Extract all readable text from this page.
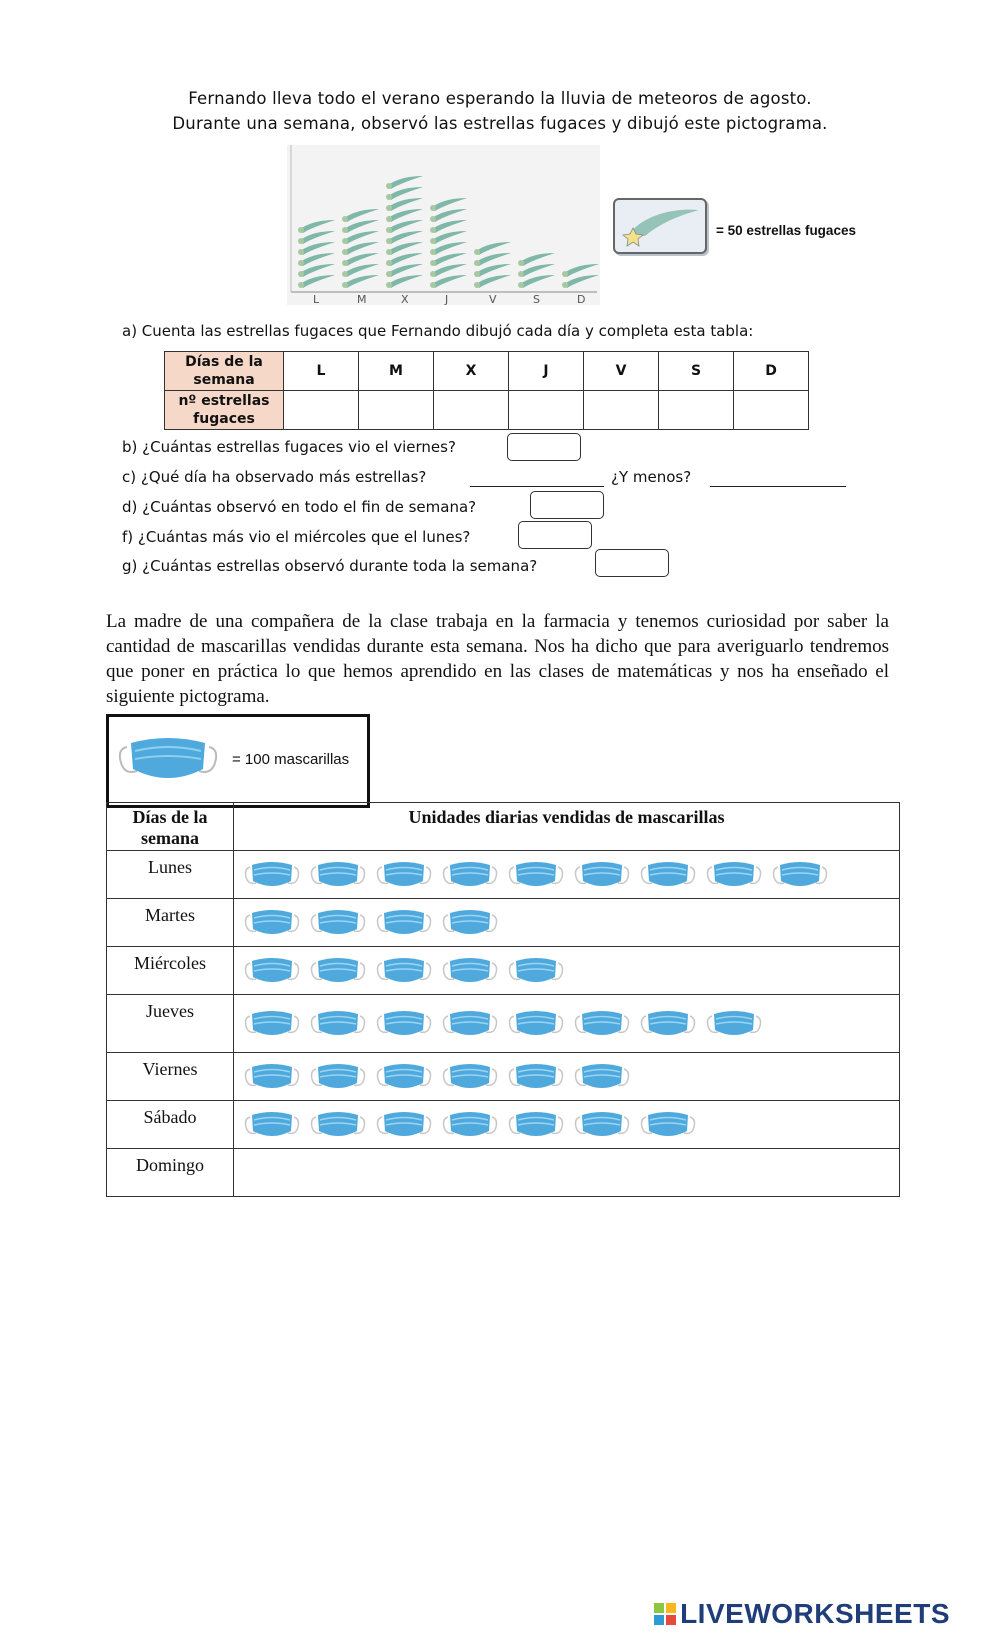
Fernando lleva todo el verano esperando la lluvia de meteoros de agosto.
Durante una semana, observó las estrellas fugaces y dibujó este pictograma.
L	M	X	J	V	S	D
= 50 estrellas fugaces
a) Cuenta las estrellas fugaces que Fernando dibujó cada día y completa esta tabla:
Días de la semana	L	M	X	J	V	S	D
nº estrellas fugaces							
b) ¿Cuántas estrellas fugaces vio el viernes?
c) ¿Qué día ha observado más estrellas?	¿Y menos?
d) ¿Cuántas observó en todo el fin de semana?
f) ¿Cuántas más vio el miércoles que el lunes?
g) ¿Cuántas estrellas observó durante toda la semana?
La madre de una compañera de la clase trabaja en la farmacia y tenemos curiosidad por saber la cantidad de mascarillas vendidas durante esta semana. Nos ha dicho que para averiguarlo tendremos que poner en práctica lo que hemos aprendido en las clases de matemáticas y nos ha enseñado el siguiente pictograma.
= 100 mascarillas
Días de la semana	Unidades diarias vendidas de mascarillas
Lunes	

Martes	

Miércoles	

Jueves	

Viernes	

Sábado	

Domingo	
LIVEWORKSHEETS
